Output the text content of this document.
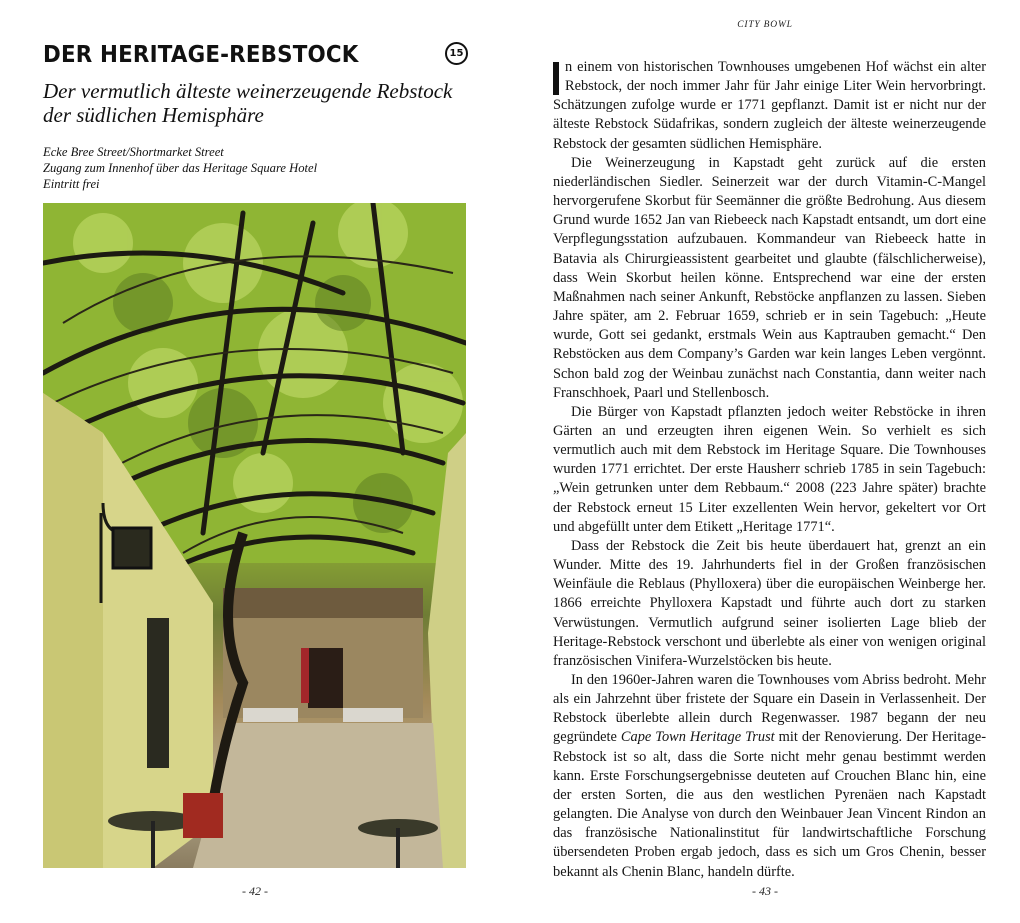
DER HERITAGE-REBSTOCK	15
Der vermutlich älteste weinerzeugende Rebstock der südlichen Hemisphäre
Ecke Bree Street/Shortmarket Street
Zugang zum Innenhof über das Heritage Square Hotel
Eintritt frei
- 42 -
CITY BOWL

n einem von historischen Townhouses umgebenen Hof wächst ein alter Rebstock, der noch immer Jahr für Jahr einige Liter Wein hervorbringt. Schätzungen zufolge wurde er 1771 gepflanzt. Damit ist er nicht nur der älteste Rebstock Südafrikas, sondern zugleich der älteste weinerzeugende Rebstock der gesamten südlichen Hemisphäre.

Die Weinerzeugung in Kapstadt geht zurück auf die ersten niederländischen Siedler. Seinerzeit war der durch Vitamin-C-Mangel hervorgerufene Skorbut für Seemänner die größte Bedrohung. Aus diesem Grund wurde 1652 Jan van Riebeeck nach Kapstadt entsandt, um dort eine Verpflegungsstation aufzubauen. Kommandeur van Riebeeck hatte in Batavia als Chirurgieassistent gearbeitet und glaubte (fälschlicherweise), dass Wein Skorbut heilen könne. Entsprechend war eine der ersten Maßnahmen nach seiner Ankunft, Rebstöcke anpflanzen zu lassen. Sieben Jahre später, am 2. Februar 1659, schrieb er in sein Tagebuch: „Heute wurde, Gott sei gedankt, erstmals Wein aus Kaptrauben gemacht.“ Den Rebstöcken aus dem Company’s Garden war kein langes Leben vergönnt. Schon bald zog der Weinbau zunächst nach Constantia, dann weiter nach Franschhoek, Paarl und Stellenbosch.

Die Bürger von Kapstadt pflanzten jedoch weiter Rebstöcke in ihren Gärten an und erzeugten ihren eigenen Wein. So verhielt es sich vermutlich auch mit dem Rebstock im Heritage Square. Die Townhouses wurden 1771 errichtet. Der erste Hausherr schrieb 1785 in sein Tagebuch: „Wein getrunken unter dem Rebbaum.“ 2008 (223 Jahre später) brachte der Rebstock erneut 15 Liter exzellenten Wein hervor, gekeltert vor Ort und abgefüllt unter dem Etikett „Heritage 1771“.

Dass der Rebstock die Zeit bis heute überdauert hat, grenzt an ein Wunder. Mitte des 19. Jahrhunderts fiel in der Großen französischen Weinfäule die Reblaus (Phylloxera) über die europäischen Weinberge her. 1866 erreichte Phylloxera Kapstadt und führte auch dort zu starken Verwüstungen. Vermutlich aufgrund seiner isolierten Lage blieb der Heritage-Rebstock verschont und überlebte als einer von wenigen original französischen Vinifera-Wurzelstöcken bis heute.

In den 1960er-Jahren waren die Townhouses vom Abriss bedroht. Mehr als ein Jahrzehnt über fristete der Square ein Dasein in Verlassenheit. Der Rebstock überlebte allein durch Regenwasser. 1987 begann der neu gegründete Cape Town Heritage Trust mit der Renovierung. Der Heritage-Rebstock ist so alt, dass die Sorte nicht mehr genau bestimmt werden kann. Erste Forschungsergebnisse deuteten auf Crouchen Blanc hin, eine der ersten Sorten, die aus den westlichen Pyrenäen nach Kapstadt gelangten. Die Analyse von durch den Weinbauer Jean Vincent Rindon an das französische Nationalinstitut für landwirtschaftliche Forschung übersendeten Proben ergab jedoch, dass es sich um Gros Chenin, besser bekannt als Chenin Blanc, handeln dürfte.

- 43 -
